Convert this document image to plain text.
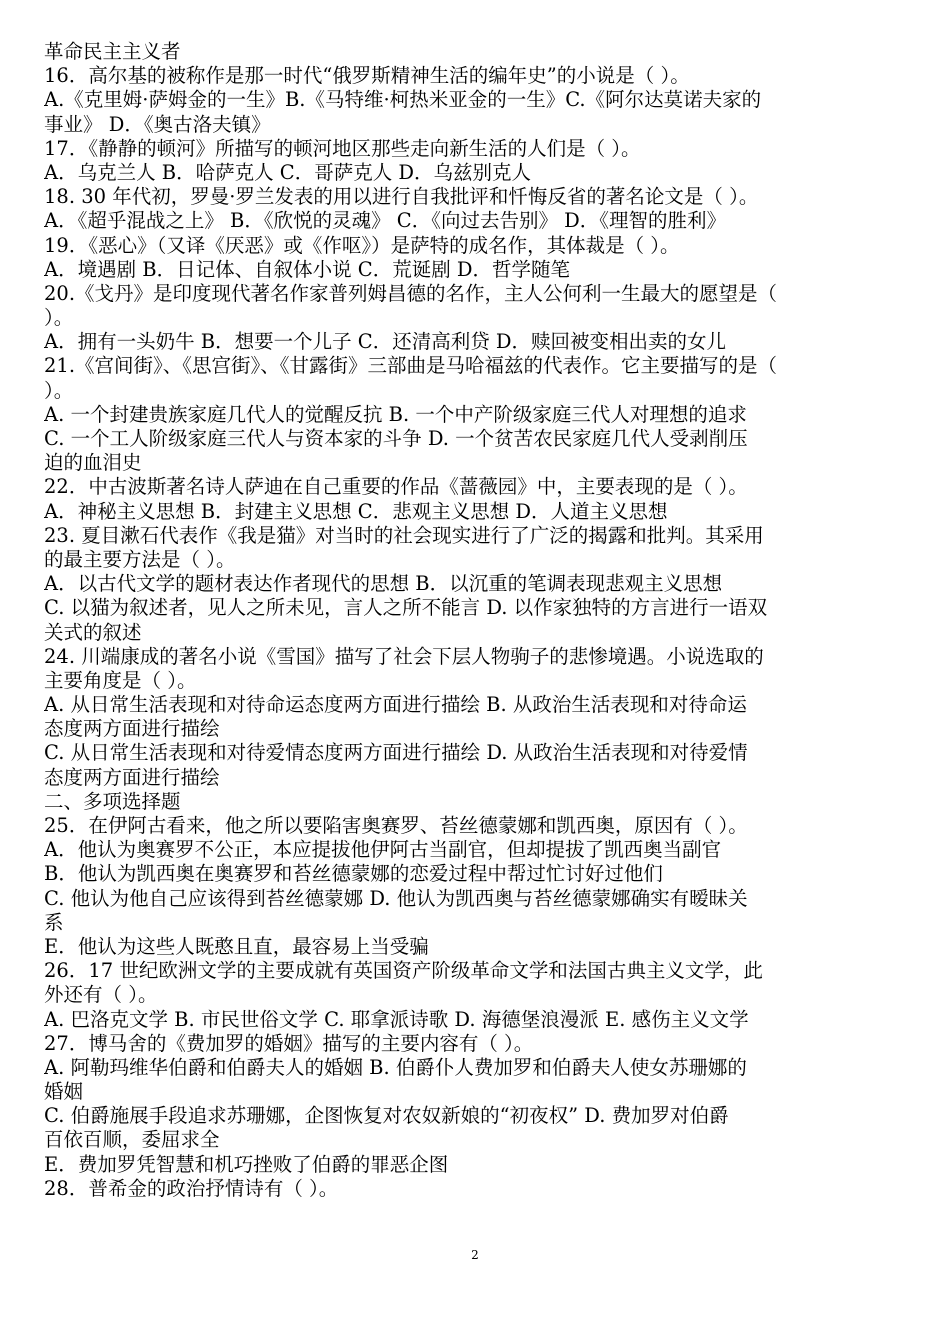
革命民主主义者
16．高尔基的被称作是那一时代“俄罗斯精神生活的编年史”的小说是（ ）。
A.《克里姆·萨姆金的一生》B.《马特维·柯热米亚金的一生》C.《阿尔达莫诺夫家的
事业》 D．《奥古洛夫镇》
17．《静静的顿河》所描写的顿河地区那些走向新生活的人们是（ ）。
A．乌克兰人 B．哈萨克人 C．哥萨克人 D．乌兹别克人
18. 30 年代初，罗曼·罗兰发表的用以进行自我批评和忏悔反省的著名论文是（ ）。
A．《超乎混战之上》 B．《欣悦的灵魂》 C．《向过去告别》 D．《理智的胜利》
19．《恶心》（又译《厌恶》或《作呕》）是萨特的成名作，其体裁是（ ）。
A．境遇剧 B．日记体、自叙体小说 C．荒诞剧 D．哲学随笔
20.《戈丹》是印度现代著名作家普列姆昌德的名作，主人公何利一生最大的愿望是（
）。
A．拥有一头奶牛 B．想要一个儿子 C．还清高利贷 D．赎回被变相出卖的女儿
21.《宫间街》、《思宫街》、《甘露街》三部曲是马哈福兹的代表作。它主要描写的是（
）。
A. 一个封建贵族家庭几代人的觉醒反抗 B. 一个中产阶级家庭三代人对理想的追求
C. 一个工人阶级家庭三代人与资本家的斗争 D. 一个贫苦农民家庭几代人受剥削压
迫的血泪史
22．中古波斯著名诗人萨迪在自己重要的作品《蔷薇园》中，主要表现的是（ ）。
A．神秘主义思想 B．封建主义思想 C．悲观主义思想 D．人道主义思想
23. 夏目漱石代表作《我是猫》对当时的社会现实进行了广泛的揭露和批判。其采用
的最主要方法是（ ）。
A．以古代文学的题材表达作者现代的思想 B．以沉重的笔调表现悲观主义思想
C. 以猫为叙述者，见人之所未见，言人之所不能言 D. 以作家独特的方言进行一语双
关式的叙述
24. 川端康成的著名小说《雪国》描写了社会下层人物驹子的悲惨境遇。小说选取的
主要角度是（ ）。
A. 从日常生活表现和对待命运态度两方面进行描绘 B. 从政治生活表现和对待命运
态度两方面进行描绘
C. 从日常生活表现和对待爱情态度两方面进行描绘 D. 从政治生活表现和对待爱情
态度两方面进行描绘
二、多项选择题
25．在伊阿古看来，他之所以要陷害奥赛罗、苔丝德蒙娜和凯西奥，原因有（ ）。
A．他认为奥赛罗不公正，本应提拔他伊阿古当副官，但却提拔了凯西奥当副官
B．他认为凯西奥在奥赛罗和苔丝德蒙娜的恋爱过程中帮过忙讨好过他们
C. 他认为他自己应该得到苔丝德蒙娜 D. 他认为凯西奥与苔丝德蒙娜确实有暧昧关
系
E．他认为这些人既憨且直，最容易上当受骗
26．17 世纪欧洲文学的主要成就有英国资产阶级革命文学和法国古典主义文学，此
外还有（ ）。
A. 巴洛克文学 B. 市民世俗文学 C. 耶拿派诗歌 D. 海德堡浪漫派 E. 感伤主义文学
27．博马舍的《费加罗的婚姻》描写的主要内容有（ ）。
A. 阿勒玛维华伯爵和伯爵夫人的婚姻 B. 伯爵仆人费加罗和伯爵夫人使女苏珊娜的
婚姻
C. 伯爵施展手段追求苏珊娜，企图恢复对农奴新娘的“初夜权” D. 费加罗对伯爵
百依百顺，委屈求全
E．费加罗凭智慧和机巧挫败了伯爵的罪恶企图
28．普希金的政治抒情诗有（ ）。
2
